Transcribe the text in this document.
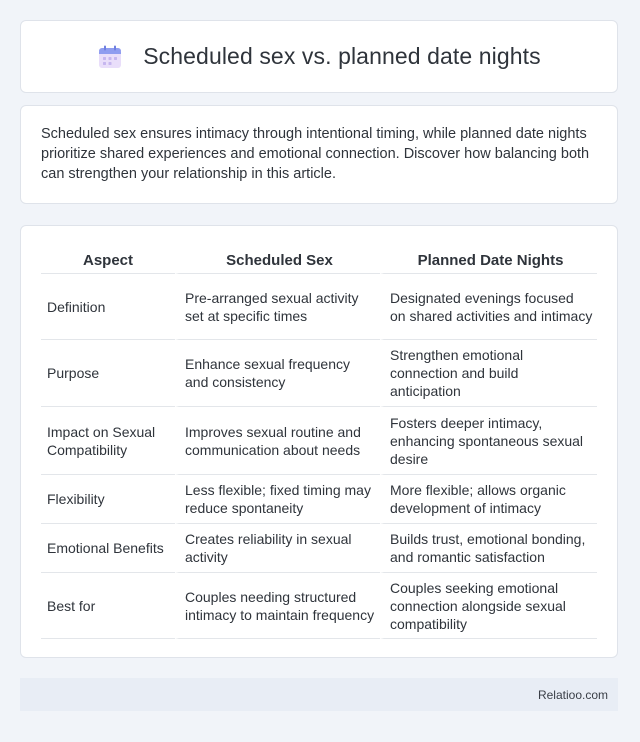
Scheduled sex vs. planned date nights

Scheduled sex ensures intimacy through intentional timing, while planned date nights prioritize shared experiences and emotional connection. Discover how balancing both can strengthen your relationship in this article.

Aspect	Scheduled Sex	Planned Date Nights
Definition	Pre-arranged sexual activity set at specific times	Designated evenings focused on shared activities and intimacy
Purpose	Enhance sexual frequency and consistency	Strengthen emotional connection and build anticipation
Impact on Sexual Compatibility	Improves sexual routine and communication about needs	Fosters deeper intimacy, enhancing spontaneous sexual desire
Flexibility	Less flexible; fixed timing may reduce spontaneity	More flexible; allows organic development of intimacy
Emotional Benefits	Creates reliability in sexual activity	Builds trust, emotional bonding, and romantic satisfaction
Best for	Couples needing structured intimacy to maintain frequency	Couples seeking emotional connection alongside sexual compatibility
Relatioo.com
